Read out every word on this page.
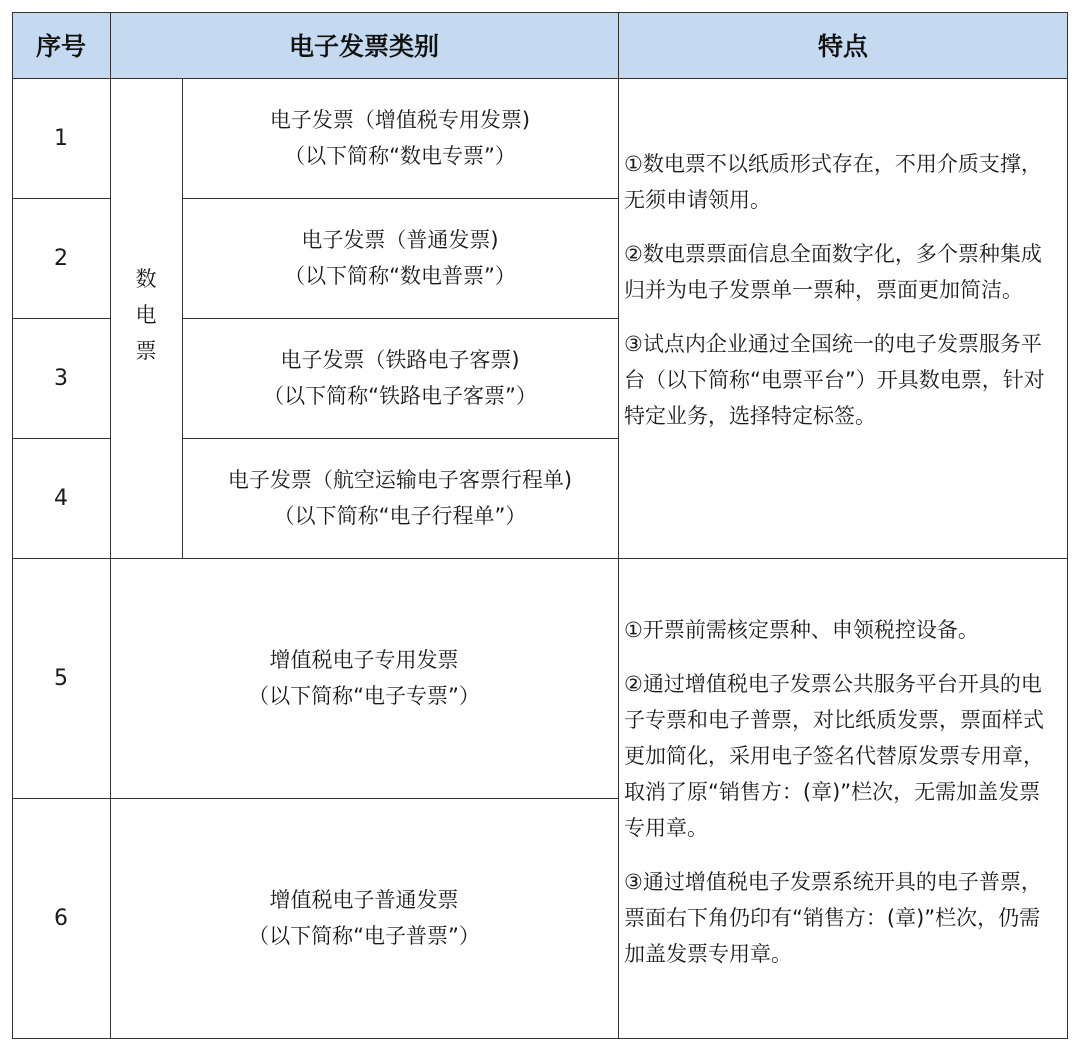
序号	电子发票类别	特点
1
2
3
4
5
6
数
电
票
电子发票（增值税专用发票)
（以下简称“数电专票”）
电子发票（普通发票)
（以下简称“数电普票”）
电子发票（铁路电子客票)
（以下简称“铁路电子客票”）
电子发票（航空运输电子客票行程单)
（以下简称“电子行程单”）
增值税电子专用发票
（以下简称“电子专票”）
增值税电子普通发票
（以下简称“电子普票”）

①数电票不以纸质形式存在，不用介质支撑，无须申请领用。

②数电票票面信息全面数字化，多个票种集成归并为电子发票单一票种，票面更加简洁。

③试点内企业通过全国统一的电子发票服务平台（以下简称“电票平台”）开具数电票，针对特定业务，选择特定标签。

①开票前需核定票种、申领税控设备。

②通过增值税电子发票公共服务平台开具的电子专票和电子普票，对比纸质发票，票面样式更加简化，采用电子签名代替原发票专用章，取消了原“销售方：(章)”栏次，无需加盖发票专用章。

③通过增值税电子发票系统开具的电子普票，票面右下角仍印有“销售方：(章)”栏次，仍需加盖发票专用章。
